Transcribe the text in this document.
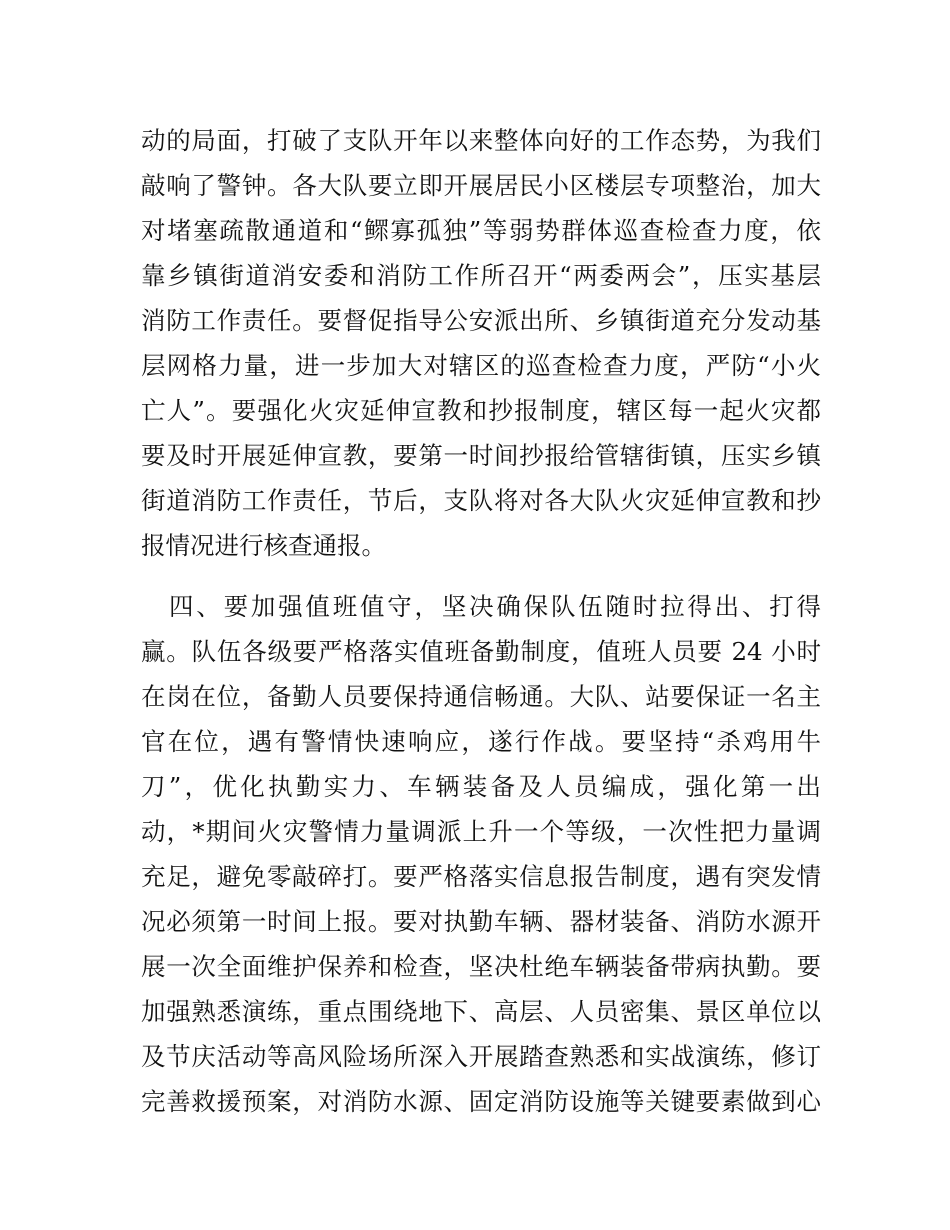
动的局面，打破了支队开年以来整体向好的工作态势，为我们
敲响了警钟。各大队要立即开展居民小区楼层专项整治，加大
对堵塞疏散通道和“鳏寡孤独”等弱势群体巡查检查力度，依
靠乡镇街道消安委和消防工作所召开“两委两会”，压实基层
消防工作责任。要督促指导公安派出所、乡镇街道充分发动基
层网格力量，进一步加大对辖区的巡查检查力度，严防“小火
亡人”。要强化火灾延伸宣教和抄报制度，辖区每一起火灾都
要及时开展延伸宣教，要第一时间抄报给管辖街镇，压实乡镇
街道消防工作责任，节后，支队将对各大队火灾延伸宣教和抄
报情况进行核查通报。
四、要加强值班值守，坚决确保队伍随时拉得出、打得
赢。队伍各级要严格落实值班备勤制度，值班人员要 24 小时
在岗在位，备勤人员要保持通信畅通。大队、站要保证一名主
官在位，遇有警情快速响应，遂行作战。要坚持“杀鸡用牛
刀”，优化执勤实力、车辆装备及人员编成，强化第一出
动，*期间火灾警情力量调派上升一个等级，一次性把力量调
充足，避免零敲碎打。要严格落实信息报告制度，遇有突发情
况必须第一时间上报。要对执勤车辆、器材装备、消防水源开
展一次全面维护保养和检查，坚决杜绝车辆装备带病执勤。要
加强熟悉演练，重点围绕地下、高层、人员密集、景区单位以
及节庆活动等高风险场所深入开展踏查熟悉和实战演练，修订
完善救援预案，对消防水源、固定消防设施等关键要素做到心
